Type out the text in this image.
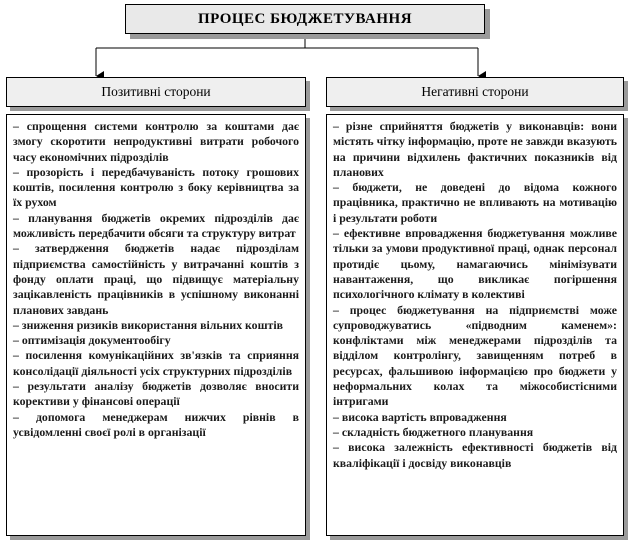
ПРОЦЕС БЮДЖЕТУВАННЯ
Позитивні сторони	Негативні сторони
– спрощення системи контролю за коштами дає змогу скоротити непродуктивні витрати робочого часу економічних підрозділів
– прозорість і передбачуваність потоку грошових коштів, посилення контролю з боку керівництва за їх рухом
– планування бюджетів окремих підрозділів дає можливість передбачити обсяги та структуру витрат
– затвердження бюджетів надає підрозділам підприємства самостійність у витрачанні коштів з фонду оплати праці, що підвищує матеріальну зацікавленість працівників в успішному виконанні планових завдань
– зниження ризиків використання вільних коштів
– оптимізація документообігу
– посилення комунікаційних зв'язків та сприяння консолідації діяльності усіх структурних підрозділів
– результати аналізу бюджетів дозволяє вносити корективи у фінансові операції
– допомога менеджерам нижчих рівнів в усвідомленні своєї ролі в організації
– різне сприйняття бюджетів у виконавців: вони містять чітку інформацію, проте не завжди вказують на причини відхилень фактичних показників від планових
– бюджети, не доведені до відома кожного працівника, практично не впливають на мотивацію і результати роботи
– ефективне впровадження бюджетування можливе тільки за умови продуктивної праці, однак персонал протидіє цьому, намагаючись мінімізувати навантаження, що викликає погіршення психологічного клімату в колективі
– процес бюджетування на підприємстві може супроводжуватись «підводним каменем»: конфліктами між менеджерами підрозділів та відділом контролінгу, завищенням потреб в ресурсах, фальшивою інформацією про бюджети у неформальних колах та міжособистісними інтригами
– висока вартість впровадження
– складність бюджетного планування
– висока залежність ефективності бюджетів від кваліфікації і досвіду виконавців
